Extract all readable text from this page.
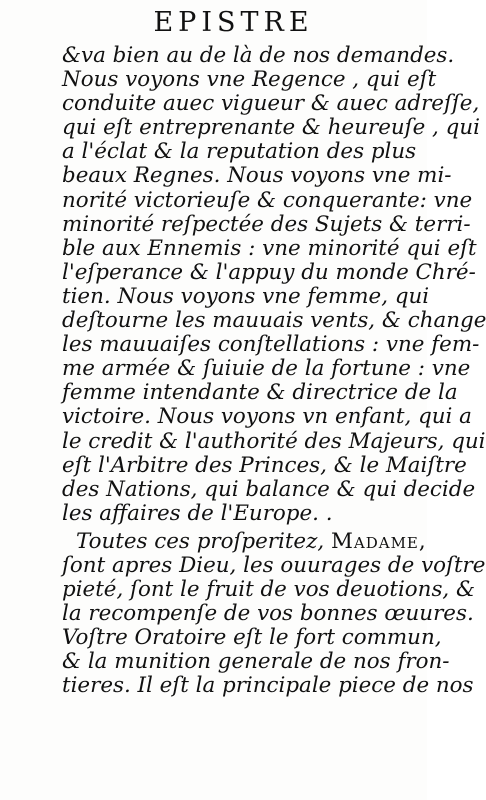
EPISTRE
&va bien au de là de nos demandes.
Nous voyons vne Regence , qui eſt
conduite auec vigueur & auec adreſſe,
qui eſt entreprenante & heureuſe , qui
a l'éclat & la reputation des plus
beaux Regnes. Nous voyons vne mi-
norité victorieuſe & conquerante: vne
minorité reſpectée des Sujets & terri-
ble aux Ennemis : vne minorité qui eſt
l'eſperance & l'appuy du monde Chré-
tien. Nous voyons vne femme, qui
deſtourne les mauuais vents, & change
les mauuaiſes conſtellations : vne fem-
me armée & ſuiuie de la fortune : vne
femme intendante & directrice de la
victoire. Nous voyons vn enfant, qui a
le credit & l'authorité des Majeurs, qui
eſt l'Arbitre des Princes, & le Maiſtre
des Nations, qui balance & qui decide
les affaires de l'Europe. .
Toutes ces proſperitez, Madame,
ſont apres Dieu, les ouurages de voſtre
pieté, ſont le fruit de vos deuotions, &
la recompenſe de vos bonnes œuures.
Voſtre Oratoire eſt le fort commun,
& la munition generale de nos fron-
tieres. Il eſt la principale piece de nos
